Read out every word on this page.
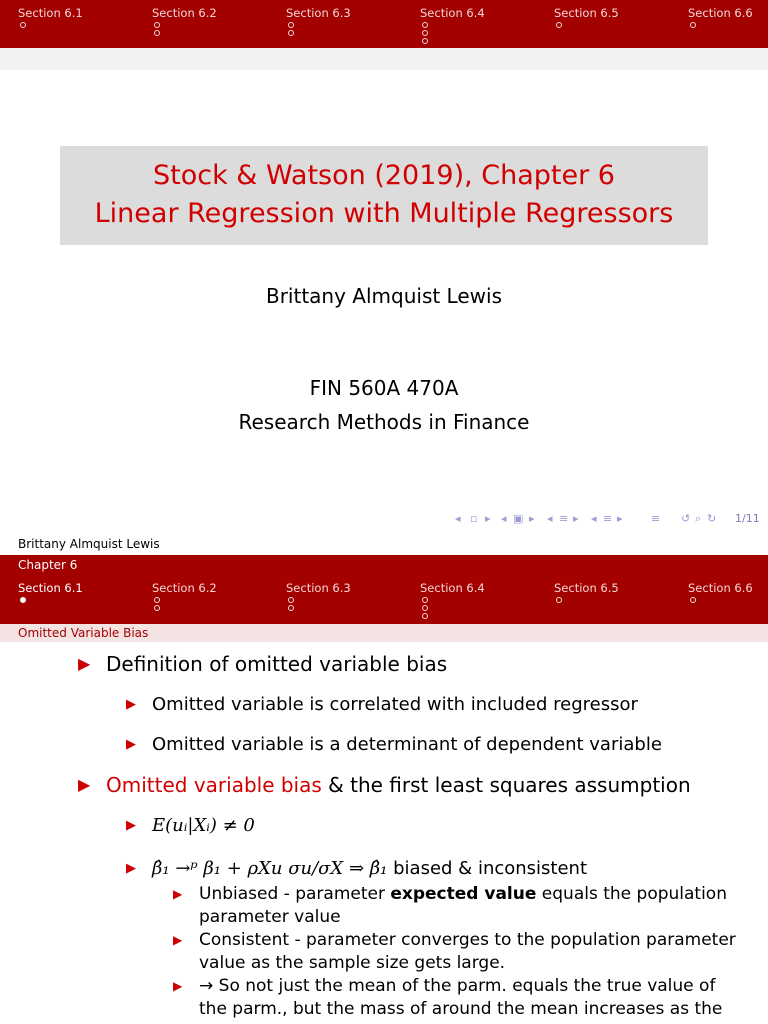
Section 6.1	Section 6.2	Section 6.3	Section 6.4	Section 6.5	Section 6.6
Stock & Watson (2019), Chapter 6
Linear Regression with Multiple Regressors
Brittany Almquist Lewis
FIN 560A 470A
Research Methods in Finance
◂ ▫ ▸ ◂ ▣ ▸ ◂ ≡ ▸ ◂ ≡ ▸	≡ ↺ ⌕ ↻ 1/11
Brittany Almquist Lewis
Chapter 6
Section 6.1	Section 6.2	Section 6.3	Section 6.4	Section 6.5	Section 6.6
Omitted Variable Bias
▶ Definition of omitted variable bias
▶ Omitted variable is correlated with included regressor
▶ Omitted variable is a determinant of dependent variable
▶ Omitted variable bias & the first least squares assumption
▶ E(uᵢ|Xᵢ) ≠ 0
▶ β̂₁ →ᵖ β₁ + ρXu σu/σX ⇒ β̂₁ biased & inconsistent
▶ Unbiased - parameter expected value equals the population
parameter value
▶ Consistent - parameter converges to the population parameter
value as the sample size gets large.
▶ → So not just the mean of the parm. equals the true value of
the parm., but the mass of around the mean increases as the
